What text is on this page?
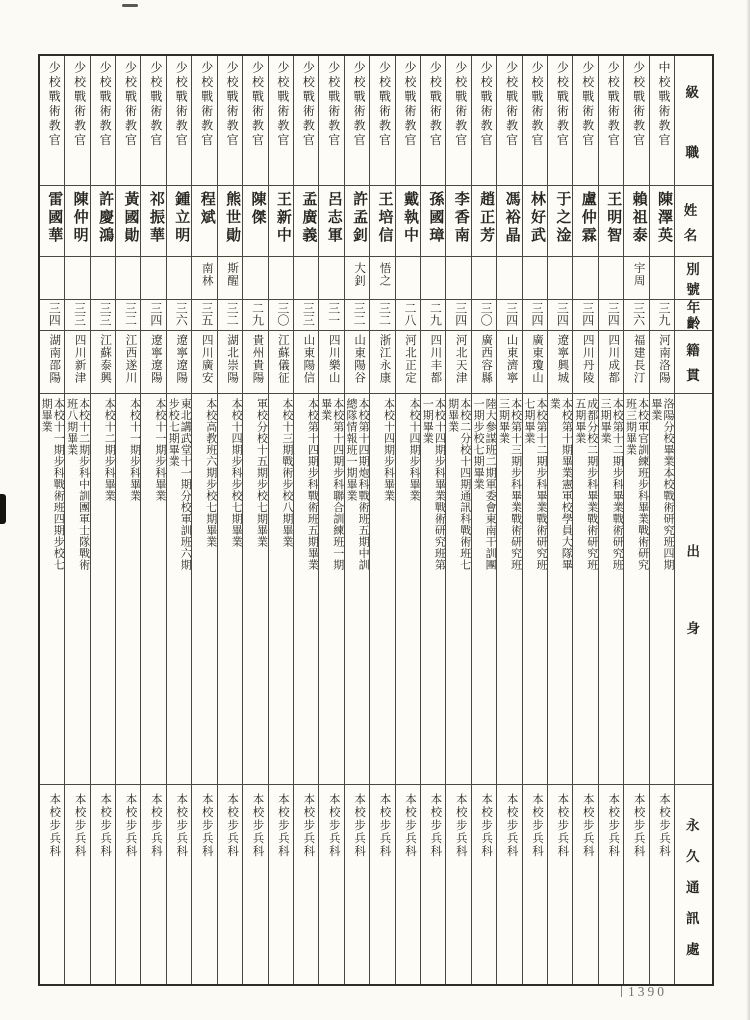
級
職
姓
名
別
號
年
齡
籍
貫
出
身
永
久
通
訊
處
中校戰術教官
陳澤英
三九
河南洛陽
洛陽分校畢業本校戰術研究班四期畢業
本校步兵科
少校戰術教官
賴祖泰
宇周
三六
福建長汀
本校軍官訓練班步科畢業戰術研究班三期畢業
本校步兵科
少校戰術教官
王明智
三四
四川成都
本校第十二期步科畢業戰術研究班三期畢業
本校步兵科
少校戰術教官
盧仲霖
三四
四川丹陵
成都分校二期步科畢業戰術研究班五期畢業
本校步兵科
少校戰術教官
于之淦
三四
遼寧興城
本校第十期畢業憲軍校學員大隊畢業
本校步兵科
少校戰術教官
林好武
三四
廣東瓊山
本校第十二期步科畢業戰術研究班七期畢業
本校步兵科
少校戰術教官
馮裕晶
三四
山東濟寧
本校第十三期步科畢業戰術研究班三期畢業
本校步兵科
少校戰術教官
趙正芳
三〇
廣西容縣
陸大參謀班二期軍委會東南干訓團一期步校七期畢業
本校步兵科
少校戰術教官
李香南
三四
河北天津
本校二分校十四期通訊科戰術班七期畢業
本校步兵科
少校戰術教官
孫國璋
二九
四川丰都
本校十四期步科畢業戰術研究班第一期畢業
本校步兵科
少校戰術教官
戴執中
二八
河北正定
本校十四期步科畢業
本校步兵科
少校戰術教官
王培信
悟之
三二
浙江永康
本校十四期步科畢業
本校步兵科
少校戰術教官
許孟釗
大釗
三二
山東陽谷
本校第十四期炮科戰術班五期中訓總隊情報班一期畢業
本校步兵科
少校戰術教官
呂志軍
三一
四川樂山
本校第十四期步科聯合訓練班一期畢業
本校步兵科
少校戰術教官
孟廣義
三三
山東陽信
本校第十四期步科戰術班五期畢業
本校步兵科
少校戰術教官
王新中
三〇
江蘇儀征
本校十三期戰術步校八期畢業
本校步兵科
少校戰術教官
陳傑
二九
貴州貴陽
軍校分校十五期步校七期畢業
本校步兵科
少校戰術教官
熊世勛
斯醒
三二
湖北崇陽
本校十四期步科步校七期畢業
本校步兵科
少校戰術教官
程斌
南林
三五
四川廣安
本校高教班六期步校七期畢業
本校步兵科
少校戰術教官
鍾立明
三六
遼寧遼陽
東北講武堂十一期分校軍訓班六期步校七期畢業
本校步兵科
少校戰術教官
祁振華
三四
遼寧遼陽
本校十一期步科畢業
本校步兵科
少校戰術教官
黃國勛
三二
江西遂川
本校十一期步科畢業
本校步兵科
少校戰術教官
許慶鴻
三三
江蘇泰興
本校十二期步科畢業
本校步兵科
少校戰術教官
陳仲明
三三
四川新津
本校十二期步科中訓團軍士隊戰術班八期畢業
本校步兵科
少校戰術教官
雷國華
三四
湖南邵陽
本校十一期步科戰術班四期步校七期畢業
本校步兵科
1390
